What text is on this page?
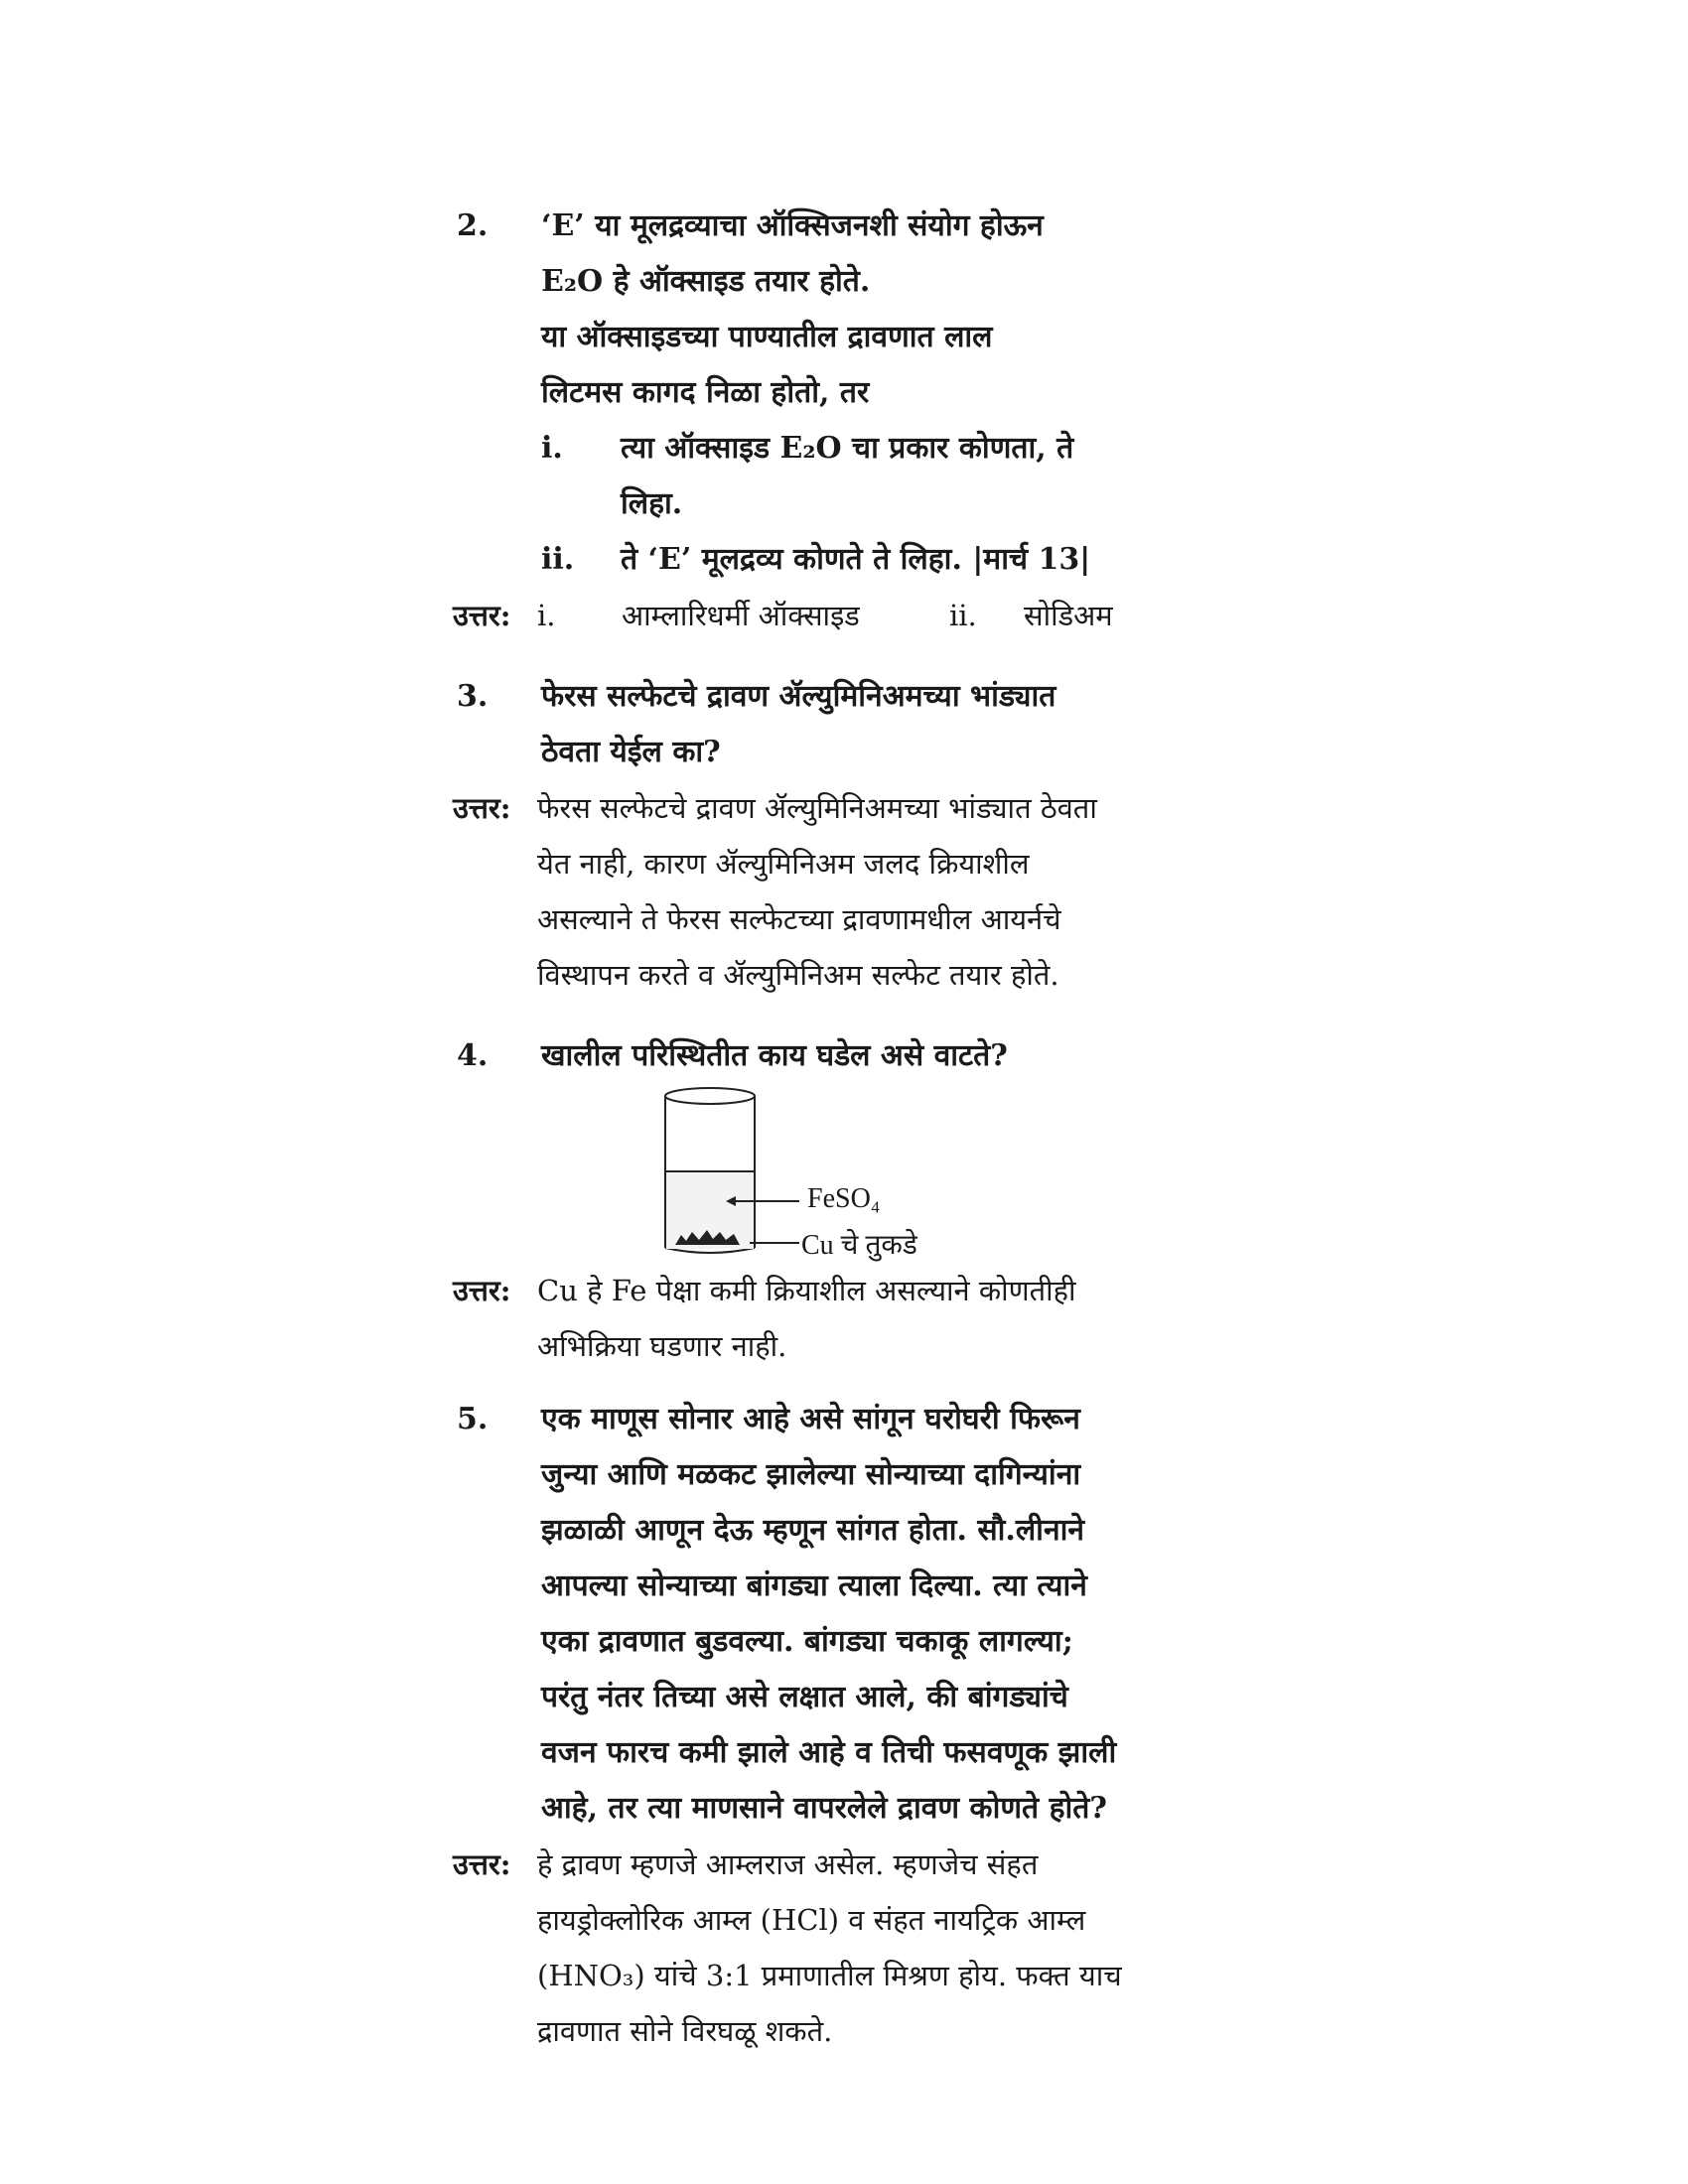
2.	‘E’ या मूलद्रव्याचा ऑक्सिजनशी संयोग होऊन
E₂O हे ऑक्साइड तयार होते.
या ऑक्साइडच्या पाण्यातील द्रावणात लाल
लिटमस कागद निळा होतो, तर
i.	त्या ऑक्साइड E₂O चा प्रकार कोणता, ते
लिहा.
ii.	ते ‘E’ मूलद्रव्य कोणते ते लिहा. |मार्च 13|
उत्तर: i.	आम्लारिधर्मी ऑक्साइड	ii.	सोडिअम
3.	फेरस सल्फेटचे द्रावण ॲल्युमिनिअमच्या भांड्यात
ठेवता येईल का?
उत्तर: फेरस सल्फेटचे द्रावण ॲल्युमिनिअमच्या भांड्यात ठेवता
येत नाही, कारण ॲल्युमिनिअम जलद क्रियाशील
असल्याने ते फेरस सल्फेटच्या द्रावणामधील आयर्नचे
विस्थापन करते व ॲल्युमिनिअम सल्फेट तयार होते.
4.	खालील परिस्थितीत काय घडेल असे वाटते?
FeSO₄
Cu चे तुकडे
उत्तर: Cu हे Fe पेक्षा कमी क्रियाशील असल्याने कोणतीही
अभिक्रिया घडणार नाही.
5.	एक माणूस सोनार आहे असे सांगून घरोघरी फिरून
जुन्या आणि मळकट झालेल्या सोन्याच्या दागिन्यांना
झळाळी आणून देऊ म्हणून सांगत होता. सौ.लीनाने
आपल्या सोन्याच्या बांगड्या त्याला दिल्या. त्या त्याने
एका द्रावणात बुडवल्या. बांगड्या चकाकू लागल्या;
परंतु नंतर तिच्या असे लक्षात आले, की बांगड्यांचे
वजन फारच कमी झाले आहे व तिची फसवणूक झाली
आहे, तर त्या माणसाने वापरलेले द्रावण कोणते होते?
उत्तर: हे द्रावण म्हणजे आम्लराज असेल. म्हणजेच संहत
हायड्रोक्लोरिक आम्ल (HCl) व संहत नायट्रिक आम्ल
(HNO₃) यांचे 3:1 प्रमाणातील मिश्रण होय. फक्त याच
द्रावणात सोने विरघळू शकते.
